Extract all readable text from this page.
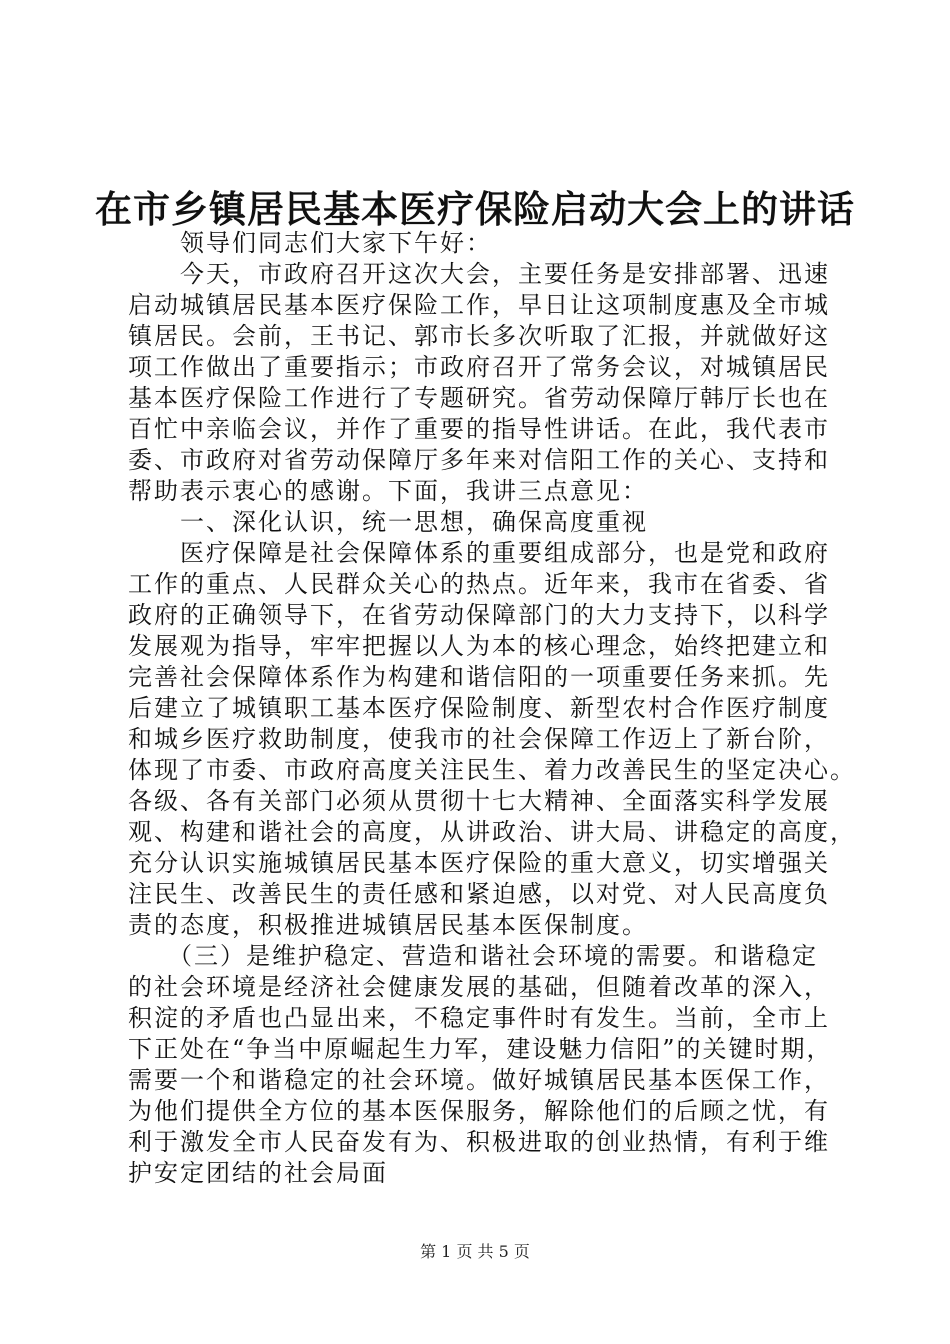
在市乡镇居民基本医疗保险启动大会上的讲话
　　领导们同志们大家下午好：
　　今天，市政府召开这次大会，主要任务是安排部署、迅速
启动城镇居民基本医疗保险工作，早日让这项制度惠及全市城
镇居民。会前，王书记、郭市长多次听取了汇报，并就做好这
项工作做出了重要指示；市政府召开了常务会议，对城镇居民
基本医疗保险工作进行了专题研究。省劳动保障厅韩厅长也在
百忙中亲临会议，并作了重要的指导性讲话。在此，我代表市
委、市政府对省劳动保障厅多年来对信阳工作的关心、支持和
帮助表示衷心的感谢。下面，我讲三点意见：
　　一、深化认识，统一思想，确保高度重视
　　医疗保障是社会保障体系的重要组成部分，也是党和政府
工作的重点、人民群众关心的热点。近年来，我市在省委、省
政府的正确领导下，在省劳动保障部门的大力支持下，以科学
发展观为指导，牢牢把握以人为本的核心理念，始终把建立和
完善社会保障体系作为构建和谐信阳的一项重要任务来抓。先
后建立了城镇职工基本医疗保险制度、新型农村合作医疗制度
和城乡医疗救助制度，使我市的社会保障工作迈上了新台阶，
体现了市委、市政府高度关注民生、着力改善民生的坚定决心。
各级、各有关部门必须从贯彻十七大精神、全面落实科学发展
观、构建和谐社会的高度，从讲政治、讲大局、讲稳定的高度，
充分认识实施城镇居民基本医疗保险的重大意义，切实增强关
注民生、改善民生的责任感和紧迫感，以对党、对人民高度负
责的态度，积极推进城镇居民基本医保制度。
　　（三）是维护稳定、营造和谐社会环境的需要。和谐稳定
的社会环境是经济社会健康发展的基础，但随着改革的深入，
积淀的矛盾也凸显出来，不稳定事件时有发生。当前，全市上
下正处在“争当中原崛起生力军，建设魅力信阳”的关键时期，
需要一个和谐稳定的社会环境。做好城镇居民基本医保工作，
为他们提供全方位的基本医保服务，解除他们的后顾之忧，有
利于激发全市人民奋发有为、积极进取的创业热情，有利于维
护安定团结的社会局面
第 1 页 共 5 页
